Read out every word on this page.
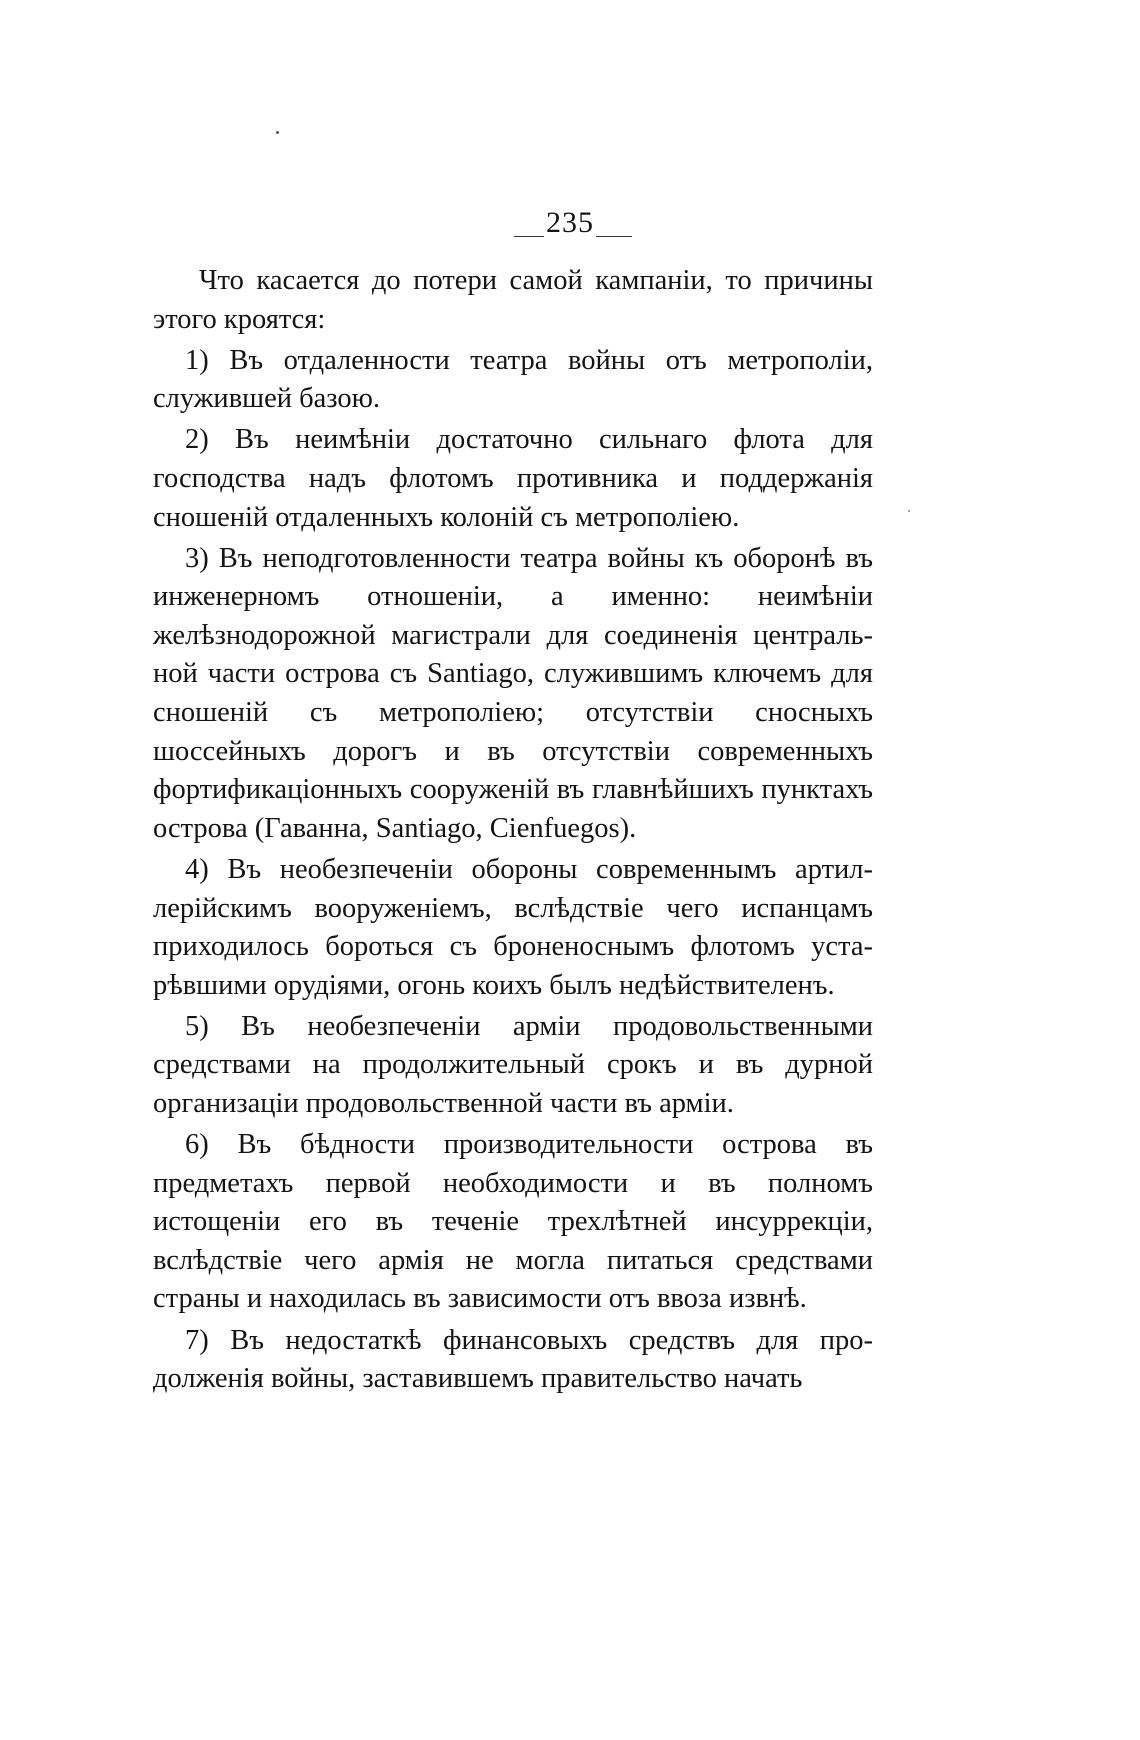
235

Что касается до потери самой кампаніи, то причины этого кроятся:

1) Въ отдаленности театра войны отъ метрополіи, служившей базою.

2) Въ неимѣніи достаточно сильнаго флота для господства надъ флотомъ противника и поддержанія сношеній отдаленныхъ колоній съ метрополіею.

3) Въ неподготовленности театра войны къ оборонѣ въ инженерномъ отношеніи, а именно: неимѣніи желѣзнодорожной магистрали для соединенія центральной части острова съ Santiago, служившимъ ключемъ для сношеній съ метрополіею; отсутствіи сносныхъ шоссейныхъ дорогъ и въ отсутствіи современныхъ фортификаціонныхъ сооруженій въ главнѣйшихъ пунктахъ острова (Гаванна, Santiago, Cienfuegos).

4) Въ необезпеченіи обороны современнымъ артиллерійскимъ вооруженіемъ, вслѣдствіе чего испанцамъ приходилось бороться съ броненоснымъ флотомъ устарѣвшими орудіями, огонь коихъ былъ недѣйствителенъ.

5) Въ необезпеченіи арміи продовольственными средствами на продолжительный срокъ и въ дурной организаціи продовольственной части въ арміи.

6) Въ бѣдности производительности острова въ предметахъ первой необходимости и въ полномъ истощеніи его въ теченіе трехлѣтней инсуррекціи, вслѣдствіе чего армія не могла питаться средствами страны и находилась въ зависимости отъ ввоза извнѣ.

7) Въ недостаткѣ финансовыхъ средствъ для продолженія войны, заставившемъ правительство начать
